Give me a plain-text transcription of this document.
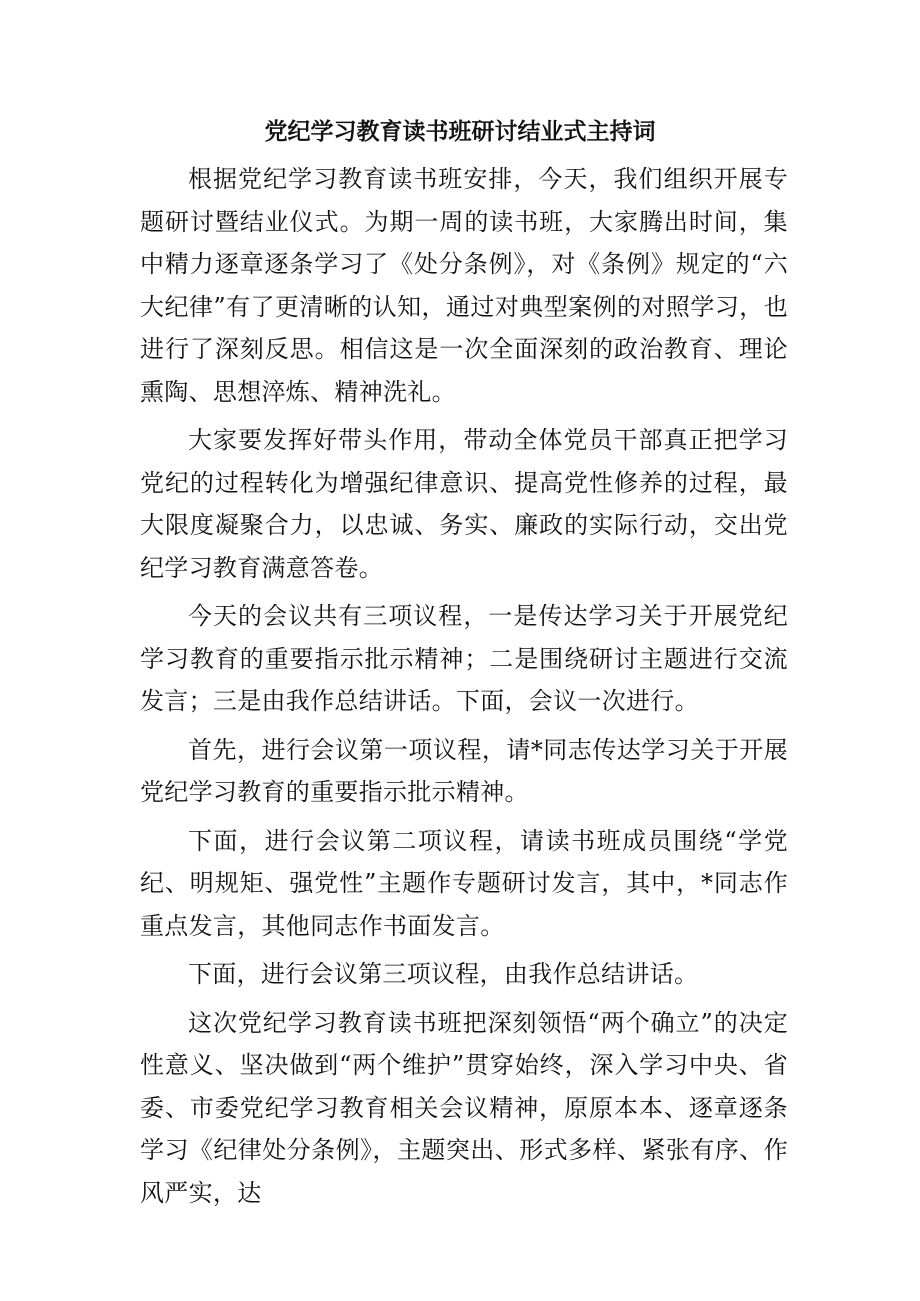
党纪学习教育读书班研讨结业式主持词

根据党纪学习教育读书班安排，今天，我们组织开展专题研讨暨结业仪式。为期一周的读书班，大家腾出时间，集中精力逐章逐条学习了《处分条例》，对《条例》规定的“六大纪律”有了更清晰的认知，通过对典型案例的对照学习，也进行了深刻反思。相信这是一次全面深刻的政治教育、理论熏陶、思想淬炼、精神洗礼。

大家要发挥好带头作用，带动全体党员干部真正把学习党纪的过程转化为增强纪律意识、提高党性修养的过程，最大限度凝聚合力，以忠诚、务实、廉政的实际行动，交出党纪学习教育满意答卷。

今天的会议共有三项议程，一是传达学习关于开展党纪学习教育的重要指示批示精神；二是围绕研讨主题进行交流发言；三是由我作总结讲话。下面，会议一次进行。

首先，进行会议第一项议程，请*同志传达学习关于开展党纪学习教育的重要指示批示精神。

下面，进行会议第二项议程，请读书班成员围绕“学党纪、明规矩、强党性”主题作专题研讨发言，其中，*同志作重点发言，其他同志作书面发言。

下面，进行会议第三项议程，由我作总结讲话。

这次党纪学习教育读书班把深刻领悟“两个确立”的决定性意义、坚决做到“两个维护”贯穿始终，深入学习中央、省委、市委党纪学习教育相关会议精神，原原本本、逐章逐条学习《纪律处分条例》，主题突出、形式多样、紧张有序、作风严实，达
